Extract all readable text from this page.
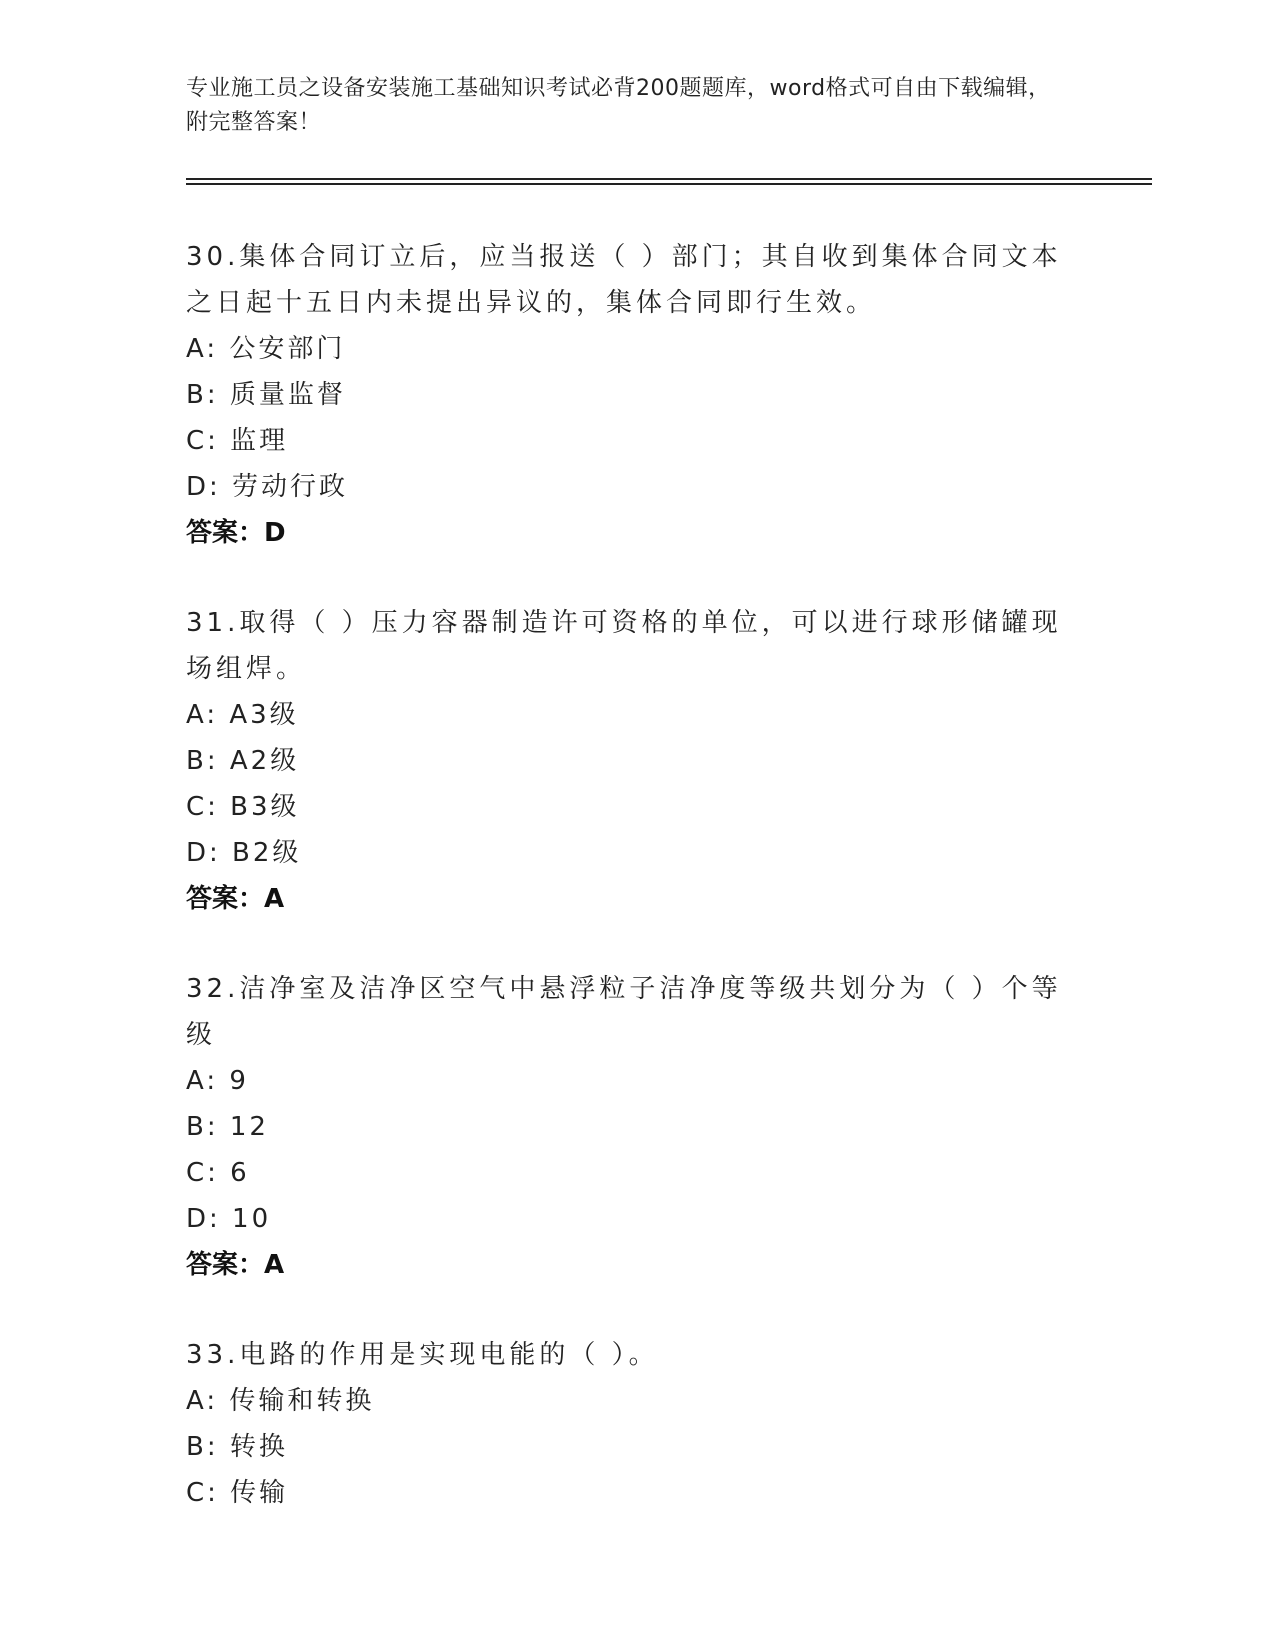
专业施工员之设备安装施工基础知识考试必背200题题库，word格式可自由下载编辑，附完整答案！

30.集体合同订立后，应当报送（ ）部门；其自收到集体合同文本之日起十五日内未提出异议的，集体合同即行生效。

A: 公安部门

B: 质量监督

C: 监理

D: 劳动行政

答案：D

31.取得（ ）压力容器制造许可资格的单位，可以进行球形储罐现场组焊。

A: A3级

B: A2级

C: B3级

D: B2级

答案：A

32.洁净室及洁净区空气中悬浮粒子洁净度等级共划分为（ ）个等级

A: 9

B: 12

C: 6

D: 10

答案：A

33.电路的作用是实现电能的（ ）。

A: 传输和转换

B: 转换

C: 传输
